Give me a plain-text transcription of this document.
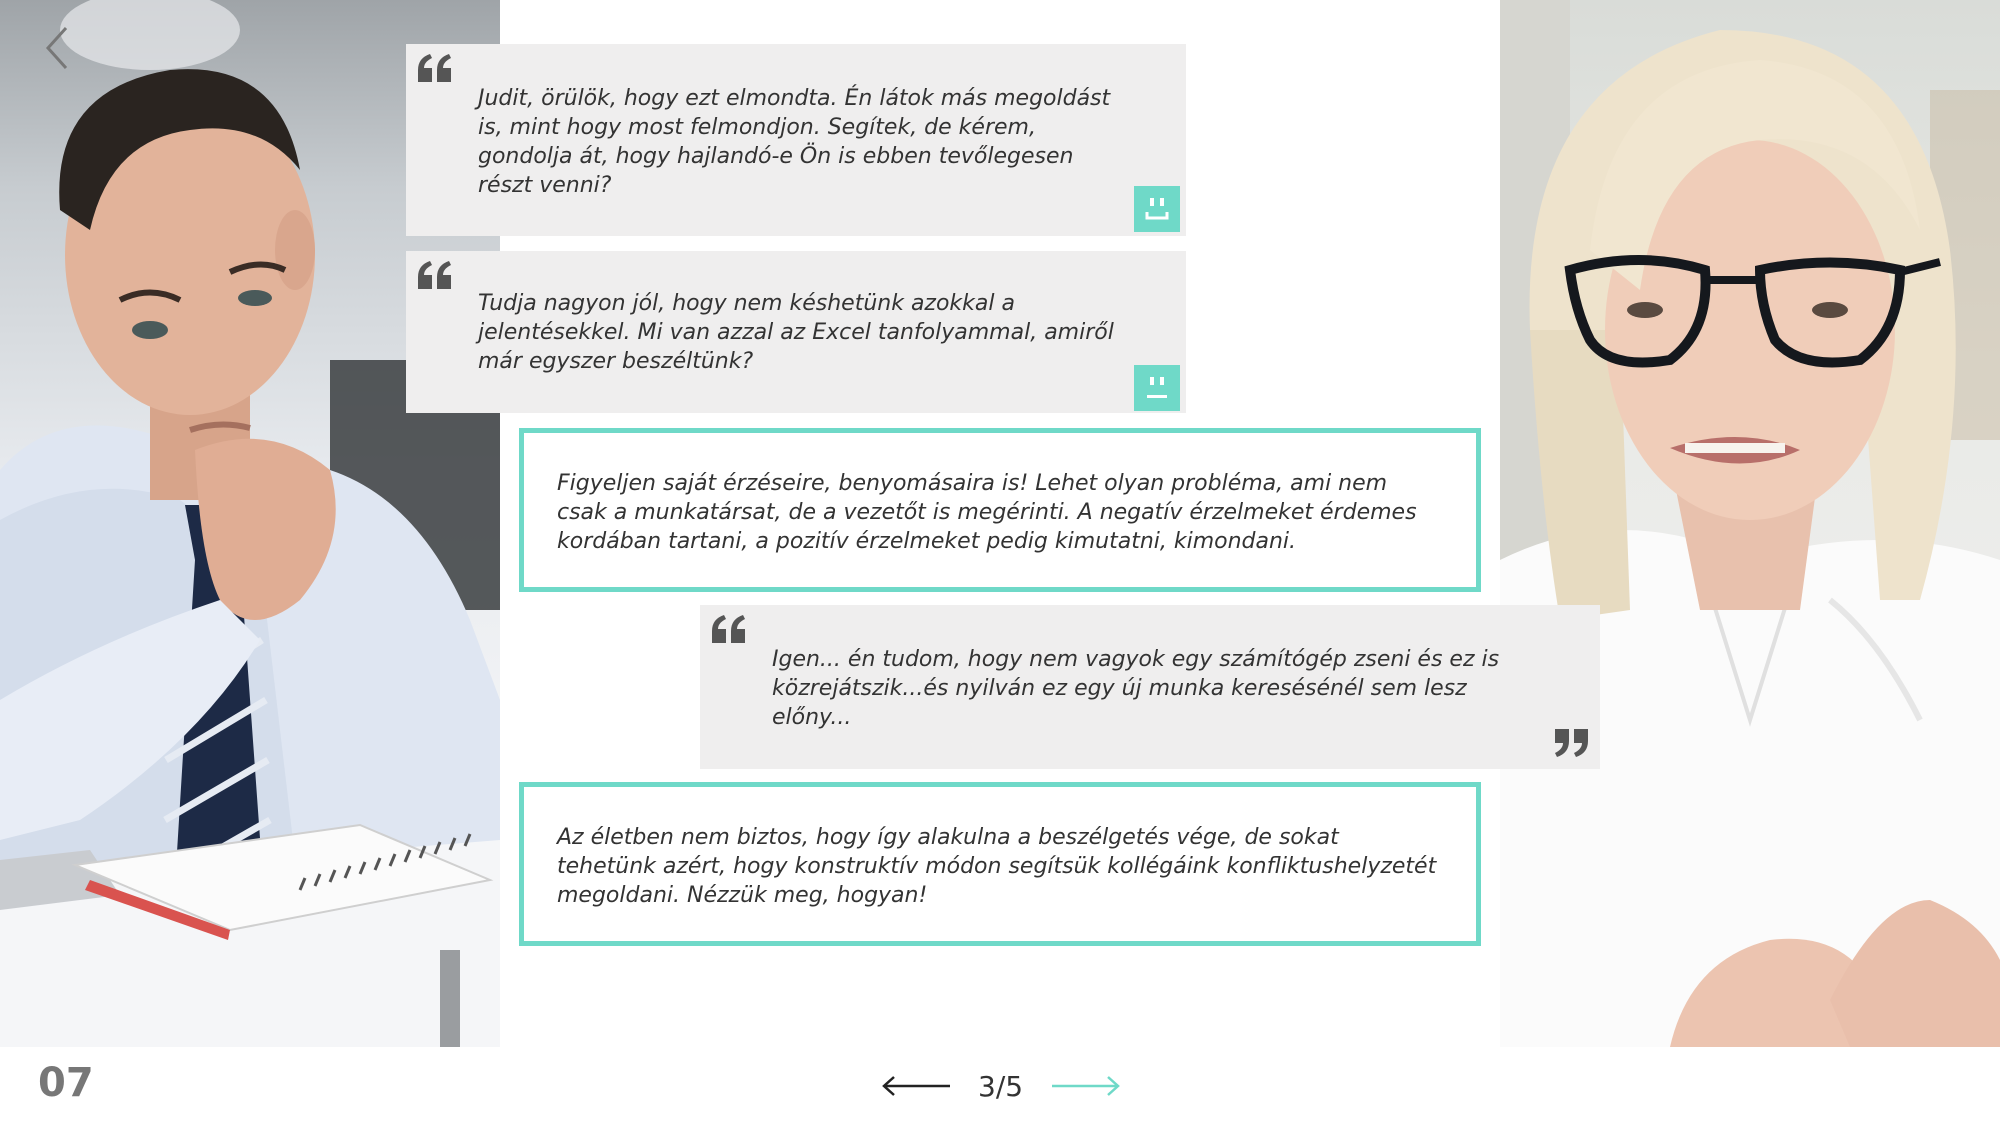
Judit, örülök, hogy ezt elmondta. Én látok más megoldást
is, mint hogy most felmondjon. Segítek, de kérem,
gondolja át, hogy hajlandó-e Ön is ebben tevőlegesen
részt venni?
Tudja nagyon jól, hogy nem késhetünk azokkal a
jelentésekkel. Mi van azzal az Excel tanfolyammal, amiről
már egyszer beszéltünk?
Figyeljen saját érzéseire, benyomásaira is! Lehet olyan probléma, ami nem
csak a munkatársat, de a vezetőt is megérinti. A negatív érzelmeket érdemes
kordában tartani, a pozitív érzelmeket pedig kimutatni, kimondani.
Igen... én tudom, hogy nem vagyok egy számítógép zseni és ez is
közrejátszik...és nyilván ez egy új munka keresésénél sem lesz
előny...
Az életben nem biztos, hogy így alakulna a beszélgetés vége, de sokat
tehetünk azért, hogy konstruktív módon segítsük kollégáink konfliktushelyzetét
megoldani. Nézzük meg, hogyan!
07	3/5
